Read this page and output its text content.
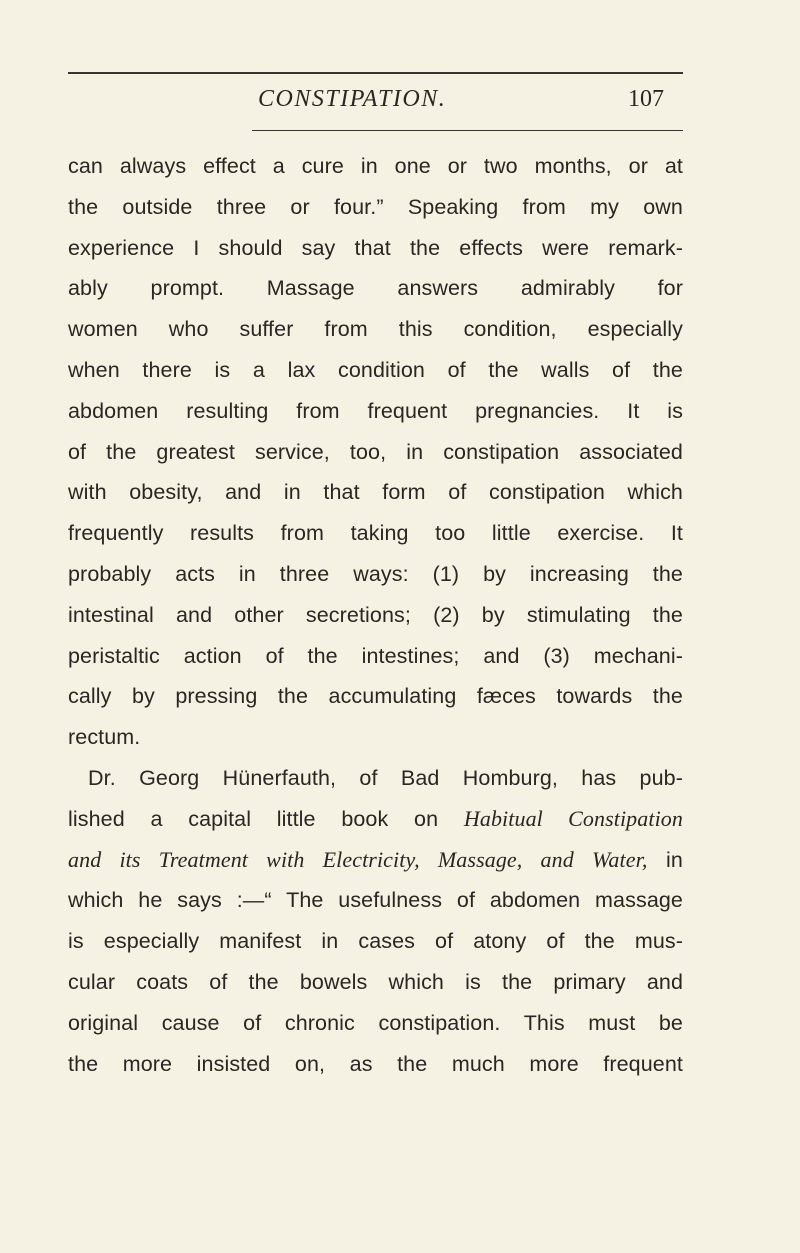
CONSTIPATION.	107
can always effect a cure in one or two months, or at
the outside three or four.” Speaking from my own
experience I should say that the effects were remark-
ably prompt. Massage answers admirably for
women who suffer from this condition, especially
when there is a lax condition of the walls of the
abdomen resulting from frequent pregnancies. It is
of the greatest service, too, in constipation associated
with obesity, and in that form of constipation which
frequently results from taking too little exercise. It
probably acts in three ways: (1) by increasing the
intestinal and other secretions; (2) by stimulating the
peristaltic action of the intestines; and (3) mechani-
cally by pressing the accumulating fæces towards the
rectum.
Dr. Georg Hünerfauth, of Bad Homburg, has pub-
lished a capital little book on Habitual Constipation
and its Treatment with Electricity, Massage, and Water, in
which he says :—“ The usefulness of abdomen massage
is especially manifest in cases of atony of the mus-
cular coats of the bowels which is the primary and
original cause of chronic constipation. This must be
the more insisted on, as the much more frequent
